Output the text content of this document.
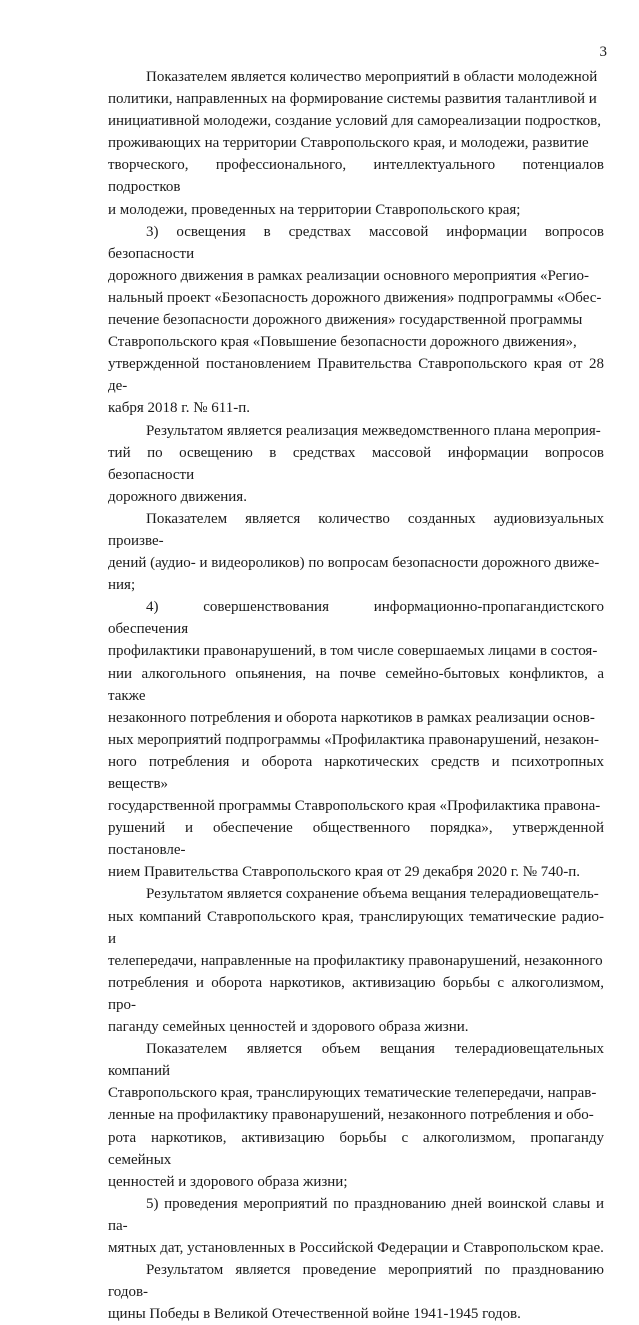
3

Показателем является количество мероприятий в области молодежной
политики, направленных на формирование системы развития талантливой и
инициативной молодежи, создание условий для самореализации подростков,
проживающих на территории Ставропольского края, и молодежи, развитие
творческого, профессионального, интеллектуального потенциалов подростков
и молодежи, проведенных на территории Ставропольского края;

3) освещения в средствах массовой информации вопросов безопасности
дорожного движения в рамках реализации основного мероприятия «Регио-
нальный проект «Безопасность дорожного движения» подпрограммы «Обес-
печение безопасности дорожного движения» государственной программы
Ставропольского края «Повышение безопасности дорожного движения»,
утвержденной постановлением Правительства Ставропольского края от 28 де-
кабря 2018 г. № 611-п.

Результатом является реализация межведомственного плана мероприя-
тий по освещению в средствах массовой информации вопросов безопасности
дорожного движения.

Показателем является количество созданных аудиовизуальных произве-
дений (аудио- и видеороликов) по вопросам безопасности дорожного движе-
ния;

4) совершенствования информационно-пропагандистского обеспечения
профилактики правонарушений, в том числе совершаемых лицами в состоя-
нии алкогольного опьянения, на почве семейно-бытовых конфликтов, а также
незаконного потребления и оборота наркотиков в рамках реализации основ-
ных мероприятий подпрограммы «Профилактика правонарушений, незакон-
ного потребления и оборота наркотических средств и психотропных веществ»
государственной программы Ставропольского края «Профилактика правона-
рушений и обеспечение общественного порядка», утвержденной постановле-
нием Правительства Ставропольского края от 29 декабря 2020 г. № 740-п.

Результатом является сохранение объема вещания телерадиовещатель-
ных компаний Ставропольского края, транслирующих тематические радио- и
телепередачи, направленные на профилактику правонарушений, незаконного
потребления и оборота наркотиков, активизацию борьбы с алкоголизмом, про-
паганду семейных ценностей и здорового образа жизни.

Показателем является объем вещания телерадиовещательных компаний
Ставропольского края, транслирующих тематические телепередачи, направ-
ленные на профилактику правонарушений, незаконного потребления и обо-
рота наркотиков, активизацию борьбы с алкоголизмом, пропаганду семейных
ценностей и здорового образа жизни;

5) проведения мероприятий по празднованию дней воинской славы и па-
мятных дат, установленных в Российской Федерации и Ставропольском крае.

Результатом является проведение мероприятий по празднованию годов-
щины Победы в Великой Отечественной войне 1941-1945 годов.
